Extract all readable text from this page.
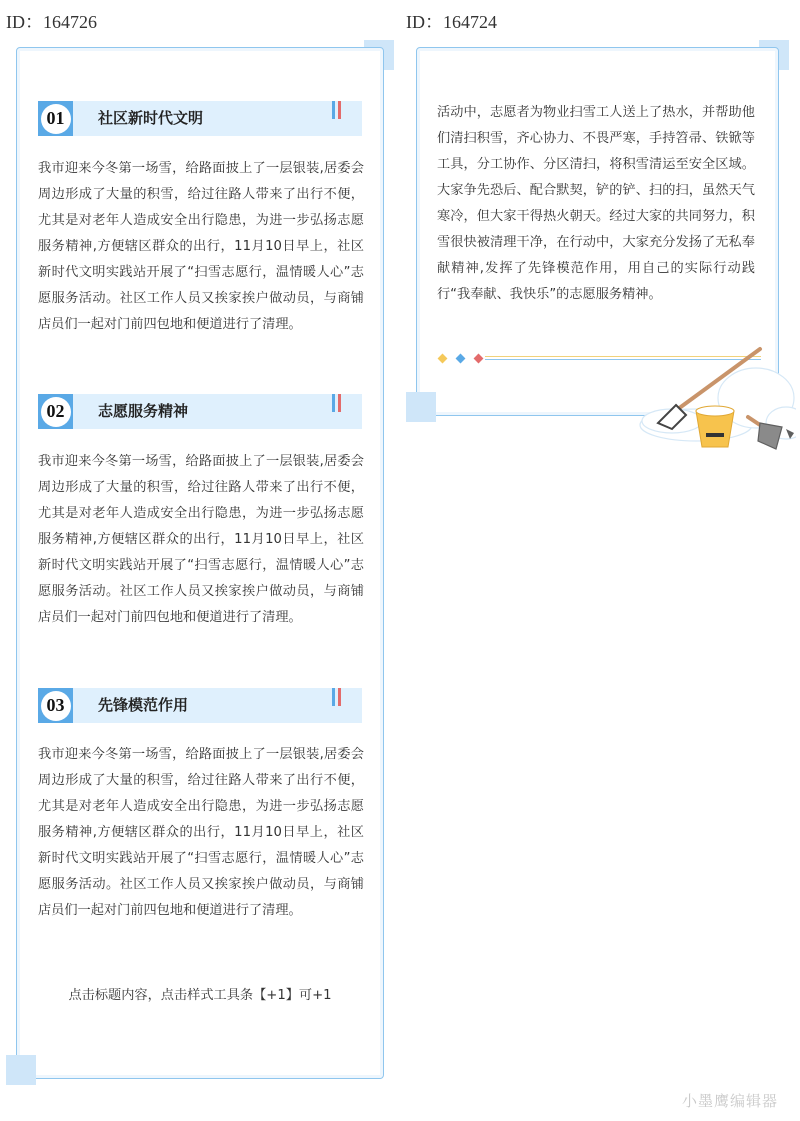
ID：164726	ID：164724
01	社区新时代文明

我市迎来今冬第一场雪，给路面披上了一层银装,居委会周边形成了大量的积雪，给过往路人带来了出行不便，尤其是对老年人造成安全出行隐患，为进一步弘扬志愿服务精神,方便辖区群众的出行，11月10日早上，社区新时代文明实践站开展了“扫雪志愿行，温情暖人心”志愿服务活动。社区工作人员又挨家挨户做动员，与商铺店员们一起对门前四包地和便道进行了清理。

02	志愿服务精神

我市迎来今冬第一场雪，给路面披上了一层银装,居委会周边形成了大量的积雪，给过往路人带来了出行不便，尤其是对老年人造成安全出行隐患，为进一步弘扬志愿服务精神,方便辖区群众的出行，11月10日早上，社区新时代文明实践站开展了“扫雪志愿行，温情暖人心”志愿服务活动。社区工作人员又挨家挨户做动员，与商铺店员们一起对门前四包地和便道进行了清理。

03	先锋模范作用

我市迎来今冬第一场雪，给路面披上了一层银装,居委会周边形成了大量的积雪，给过往路人带来了出行不便，尤其是对老年人造成安全出行隐患，为进一步弘扬志愿服务精神,方便辖区群众的出行，11月10日早上，社区新时代文明实践站开展了“扫雪志愿行，温情暖人心”志愿服务活动。社区工作人员又挨家挨户做动员，与商铺店员们一起对门前四包地和便道进行了清理。

点击标题内容，点击样式工具条【+1】可+1

活动中，志愿者为物业扫雪工人送上了热水，并帮助他们清扫积雪，齐心协力、不畏严寒，手持笤帚、铁锨等工具，分工协作、分区清扫，将积雪清运至安全区域。大家争先恐后、配合默契，铲的铲、扫的扫，虽然天气寒冷，但大家干得热火朝天。经过大家的共同努力，积雪很快被清理干净，在行动中，大家充分发扬了无私奉献精神,发挥了先锋模范作用，用自己的实际行动践行“我奉献、我快乐”的志愿服务精神。

小墨鹰编辑器
